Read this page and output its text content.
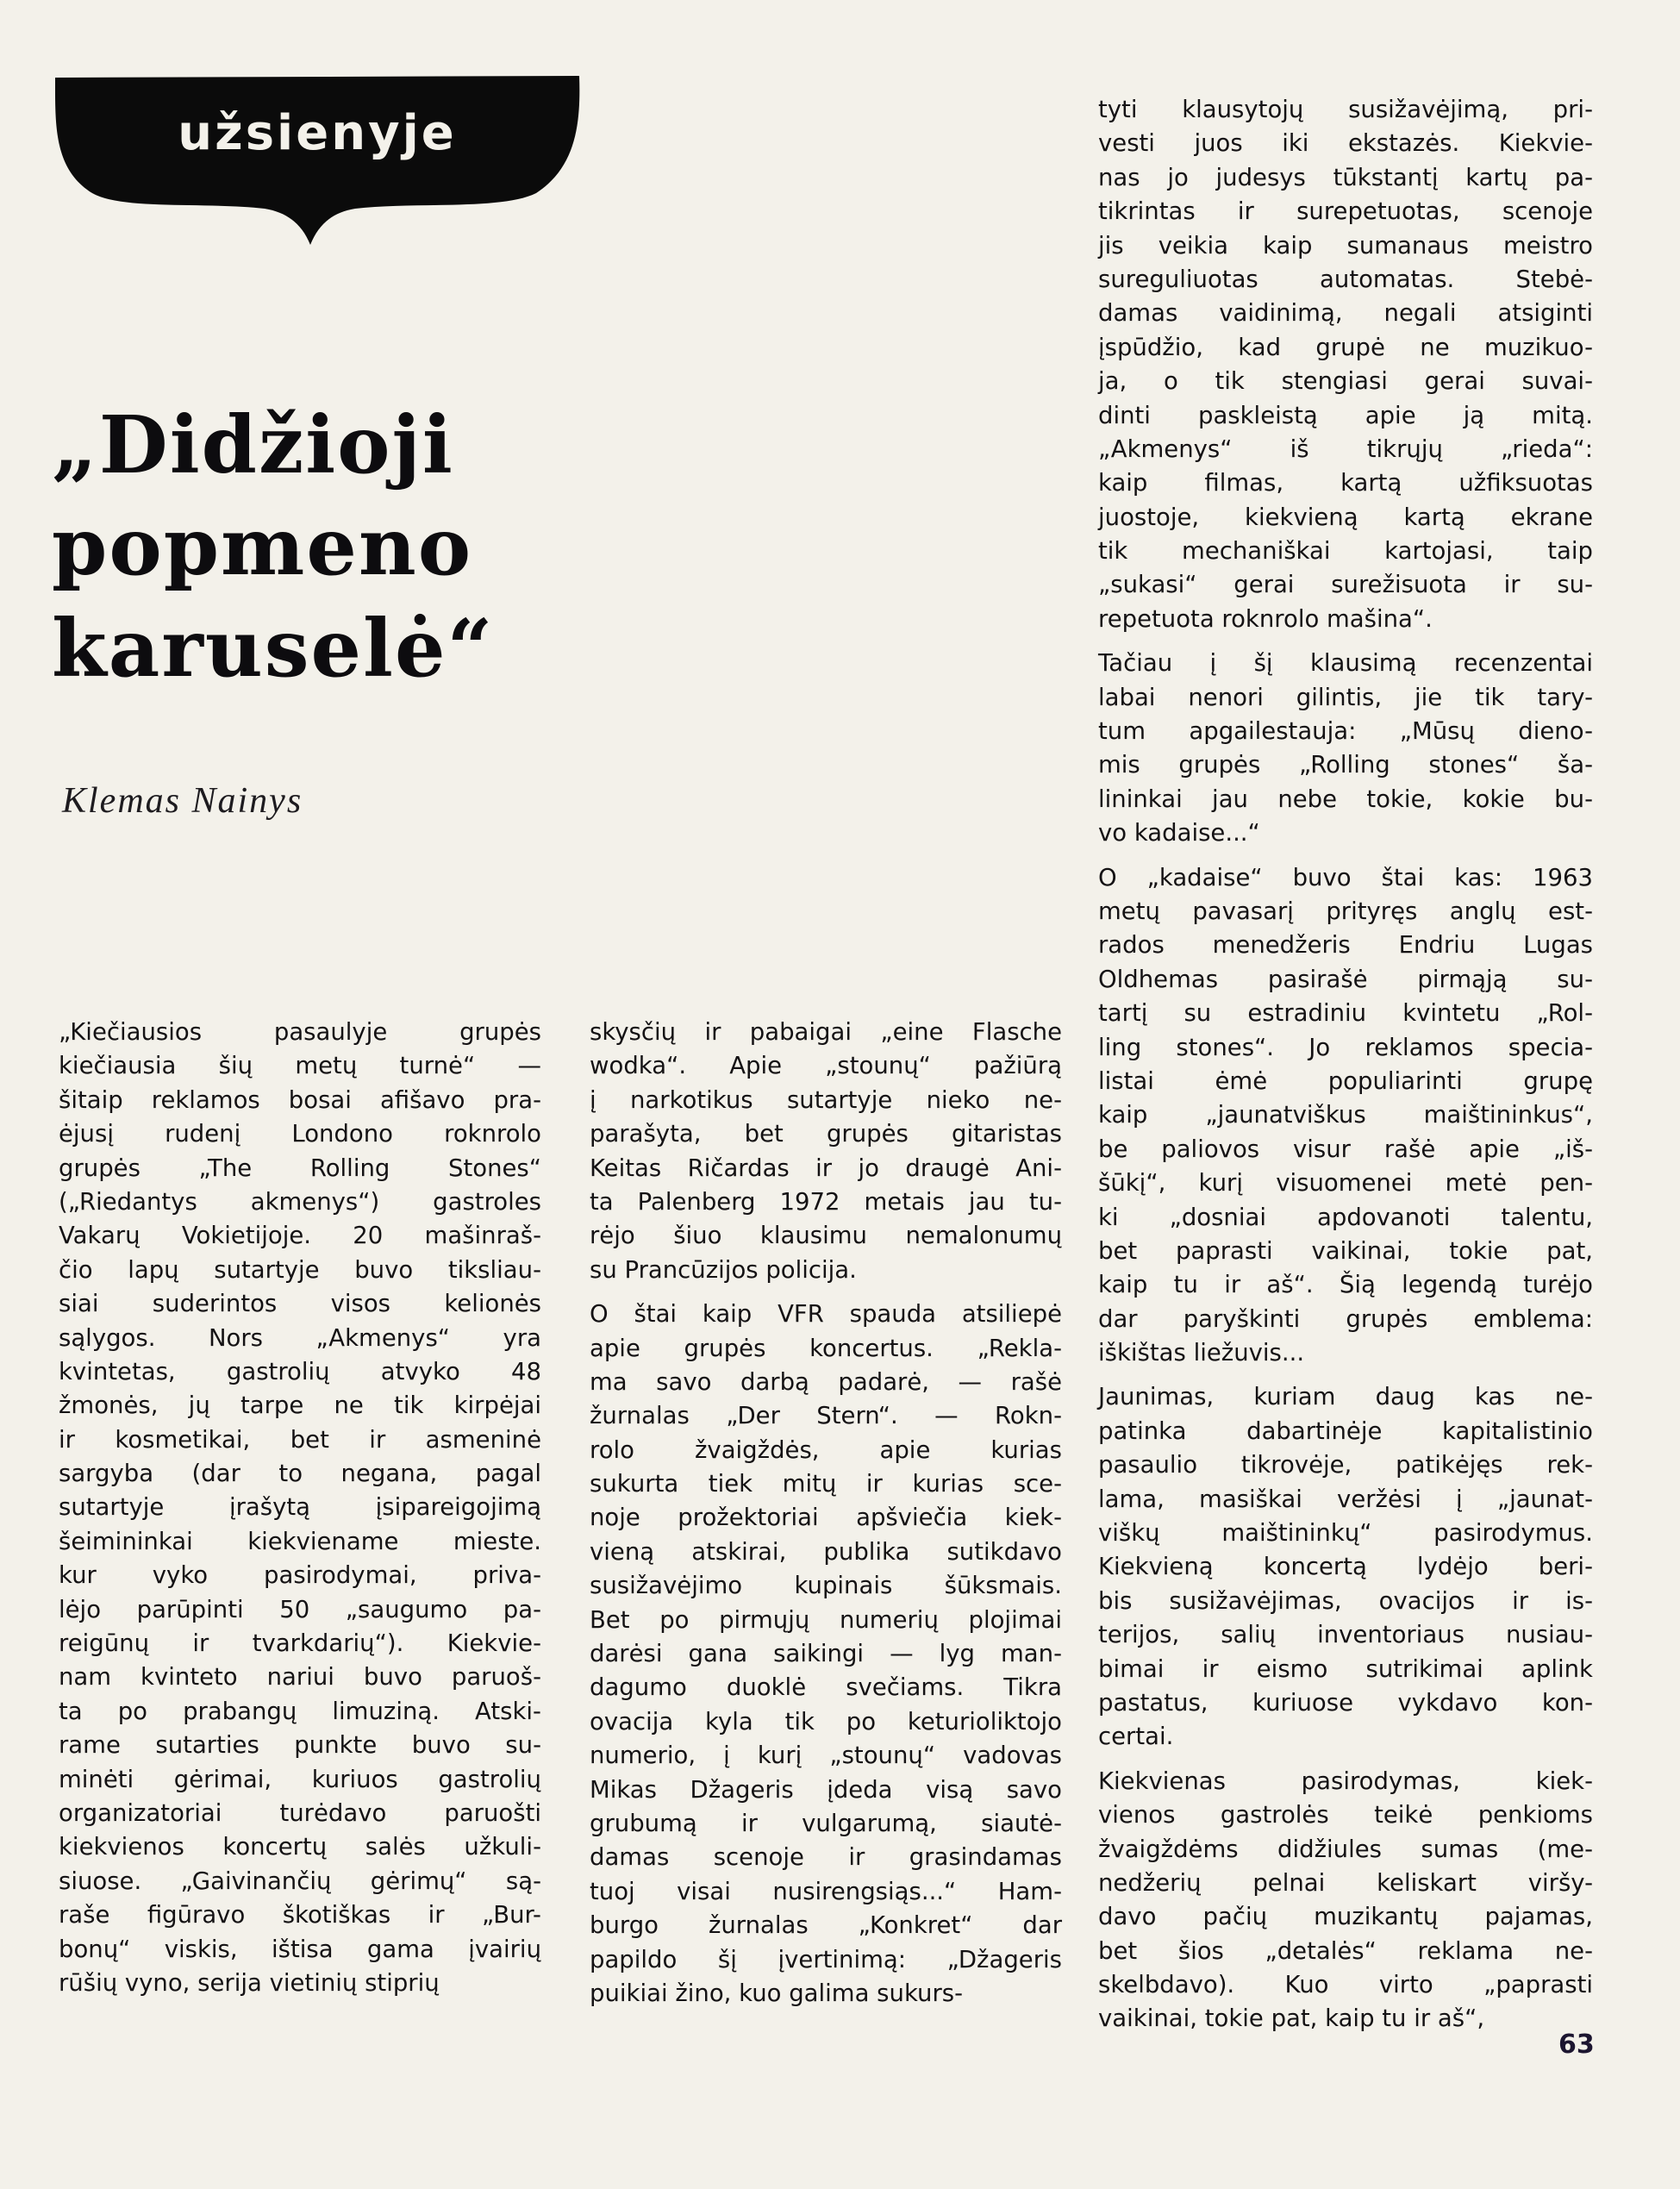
užsienyje
„Didžioji
popmeno
karuselė“
Klemas Nainys
„Kiečiausios pasaulyje grupės
kiečiausia šių metų turnė“ —
šitaip reklamos bosai afišavo pra-
ėjusį rudenį Londono roknrolo
grupės „The Rolling Stones“
(„Riedantys akmenys“) gastroles
Vakarų Vokietijoje. 20 mašinraš-
čio lapų sutartyje buvo tiksliau-
siai suderintos visos kelionės
sąlygos. Nors „Akmenys“ yra
kvintetas, gastrolių atvyko 48
žmonės, jų tarpe ne tik kirpėjai
ir kosmetikai, bet ir asmeninė
sargyba (dar to negana, pagal
sutartyje įrašytą įsipareigojimą
šeimininkai kiekviename mieste.
kur vyko pasirodymai, priva-
lėjo parūpinti 50 „saugumo pa-
reigūnų ir tvarkdarių“). Kiekvie-
nam kvinteto nariui buvo paruoš-
ta po prabangų limuziną. Atski-
rame sutarties punkte buvo su-
minėti gėrimai, kuriuos gastrolių
organizatoriai turėdavo paruošti
kiekvienos koncertų salės užkuli-
siuose. „Gaivinančių gėrimų“ są-
raše figūravo škotiškas ir „Bur-
bonų“ viskis, ištisa gama įvairių
rūšių vyno, serija vietinių stiprių
skysčių ir pabaigai „eine Flasche
wodka“. Apie „stounų“ pažiūrą
į narkotikus sutartyje nieko ne-
parašyta, bet grupės gitaristas
Keitas Ričardas ir jo draugė Ani-
ta Palenberg 1972 metais jau tu-
rėjo šiuo klausimu nemalonumų
su Prancūzijos policija.
O štai kaip VFR spauda atsiliepė
apie grupės koncertus. „Rekla-
ma savo darbą padarė, — rašė
žurnalas „Der Stern“. — Rokn-
rolo žvaigždės, apie kurias
sukurta tiek mitų ir kurias sce-
noje prožektoriai apšviečia kiek-
vieną atskirai, publika sutikdavo
susižavėjimo kupinais šūksmais.
Bet po pirmųjų numerių plojimai
darėsi gana saikingi — lyg man-
dagumo duoklė svečiams. Tikra
ovacija kyla tik po keturioliktojo
numerio, į kurį „stounų“ vadovas
Mikas Džageris įdeda visą savo
grubumą ir vulgarumą, siautė-
damas scenoje ir grasindamas
tuoj visai nusirengsiąs...“ Ham-
burgo žurnalas „Konkret“ dar
papildo šį įvertinimą: „Džageris
puikiai žino, kuo galima sukurs-
tyti klausytojų susižavėjimą, pri-
vesti juos iki ekstazės. Kiekvie-
nas jo judesys tūkstantį kartų pa-
tikrintas ir surepetuotas, scenoje
jis veikia kaip sumanaus meistro
sureguliuotas automatas. Stebė-
damas vaidinimą, negali atsiginti
įspūdžio, kad grupė ne muzikuo-
ja, o tik stengiasi gerai suvai-
dinti paskleistą apie ją mitą.
„Akmenys“ iš tikrųjų „rieda“:
kaip filmas, kartą užfiksuotas
juostoje, kiekvieną kartą ekrane
tik mechaniškai kartojasi, taip
„sukasi“ gerai surežisuota ir su-
repetuota roknrolo mašina“.
Tačiau į šį klausimą recenzentai
labai nenori gilintis, jie tik tary-
tum apgailestauja: „Mūsų dieno-
mis grupės „Rolling stones“ ša-
lininkai jau nebe tokie, kokie bu-
vo kadaise...“
O „kadaise“ buvo štai kas: 1963
metų pavasarį prityręs anglų est-
rados menedžeris Endriu Lugas
Oldhemas pasirašė pirmąją su-
tartį su estradiniu kvintetu „Rol-
ling stones“. Jo reklamos specia-
listai ėmė populiarinti grupę
kaip „jaunatviškus maištininkus“,
be paliovos visur rašė apie „iš-
šūkį“, kurį visuomenei metė pen-
ki „dosniai apdovanoti talentu,
bet paprasti vaikinai, tokie pat,
kaip tu ir aš“. Šią legendą turėjo
dar paryškinti grupės emblema:
iškištas liežuvis...
Jaunimas, kuriam daug kas ne-
patinka dabartinėje kapitalistinio
pasaulio tikrovėje, patikėjęs rek-
lama, masiškai veržėsi į „jaunat-
viškų maištininkų“ pasirodymus.
Kiekvieną koncertą lydėjo beri-
bis susižavėjimas, ovacijos ir is-
terijos, salių inventoriaus nusiau-
bimai ir eismo sutrikimai aplink
pastatus, kuriuose vykdavo kon-
certai.
Kiekvienas pasirodymas, kiek-
vienos gastrolės teikė penkioms
žvaigždėms didžiules sumas (me-
nedžerių pelnai keliskart viršy-
davo pačių muzikantų pajamas,
bet šios „detalės“ reklama ne-
skelbdavo). Kuo virto „paprasti
vaikinai, tokie pat, kaip tu ir aš“,
63
